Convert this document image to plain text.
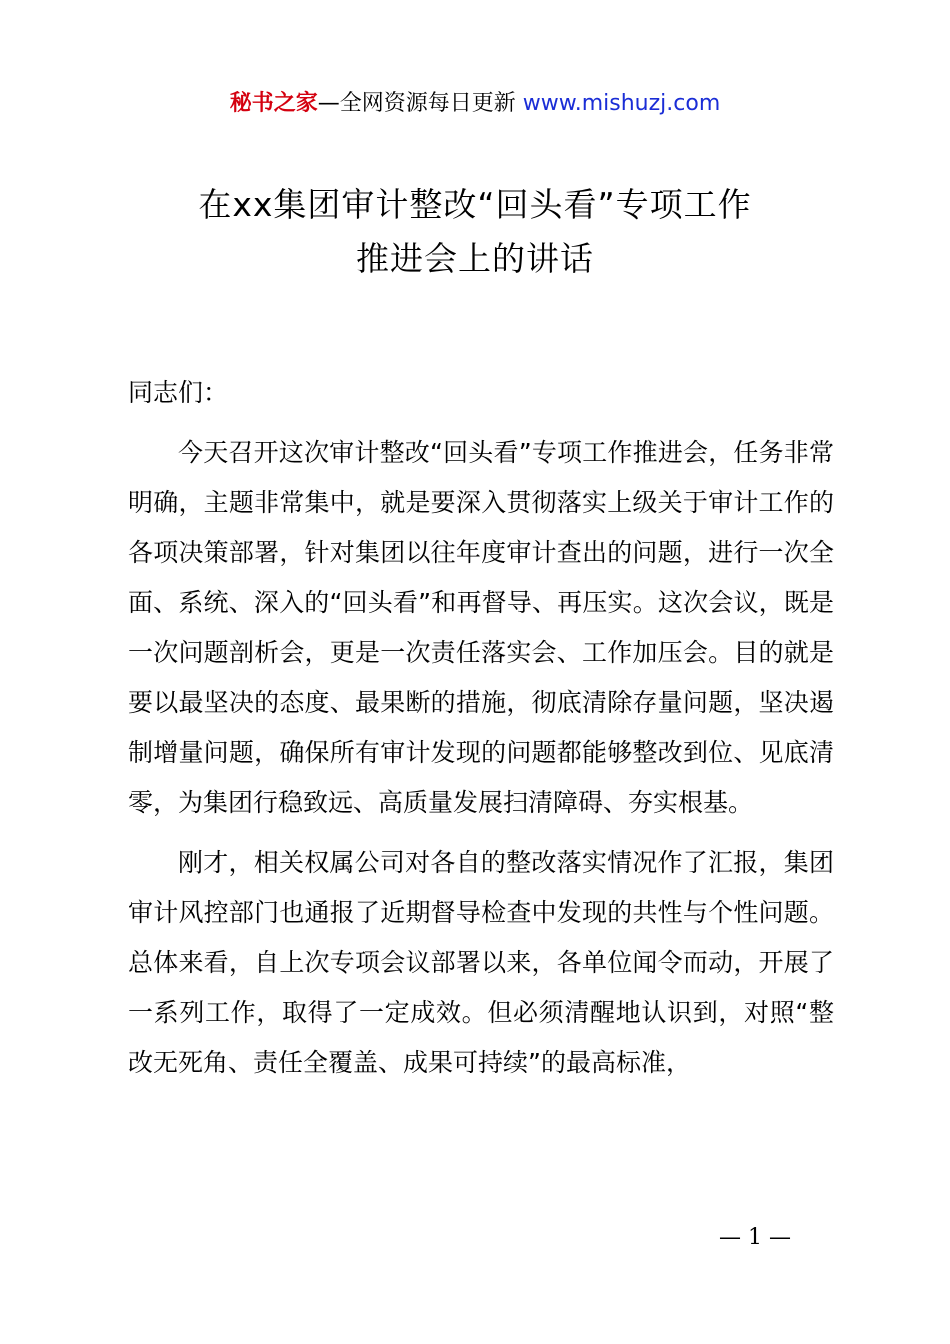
秘书之家—全网资源每日更新 www.mishuzj.com
在xx集团审计整改“回头看”专项工作
推进会上的讲话

同志们：

今天召开这次审计整改“回头看”专项工作推进会，任务非常明确，主题非常集中，就是要深入贯彻落实上级关于审计工作的各项决策部署，针对集团以往年度审计查出的问题，进行一次全面、系统、深入的“回头看”和再督导、再压实。这次会议，既是一次问题剖析会，更是一次责任落实会、工作加压会。目的就是要以最坚决的态度、最果断的措施，彻底清除存量问题，坚决遏制增量问题，确保所有审计发现的问题都能够整改到位、见底清零，为集团行稳致远、高质量发展扫清障碍、夯实根基。

刚才，相关权属公司对各自的整改落实情况作了汇报，集团审计风控部门也通报了近期督导检查中发现的共性与个性问题。总体来看，自上次专项会议部署以来，各单位闻令而动，开展了一系列工作，取得了一定成效。但必须清醒地认识到，对照“整改无死角、责任全覆盖、成果可持续”的最高标准，

— 1 —
